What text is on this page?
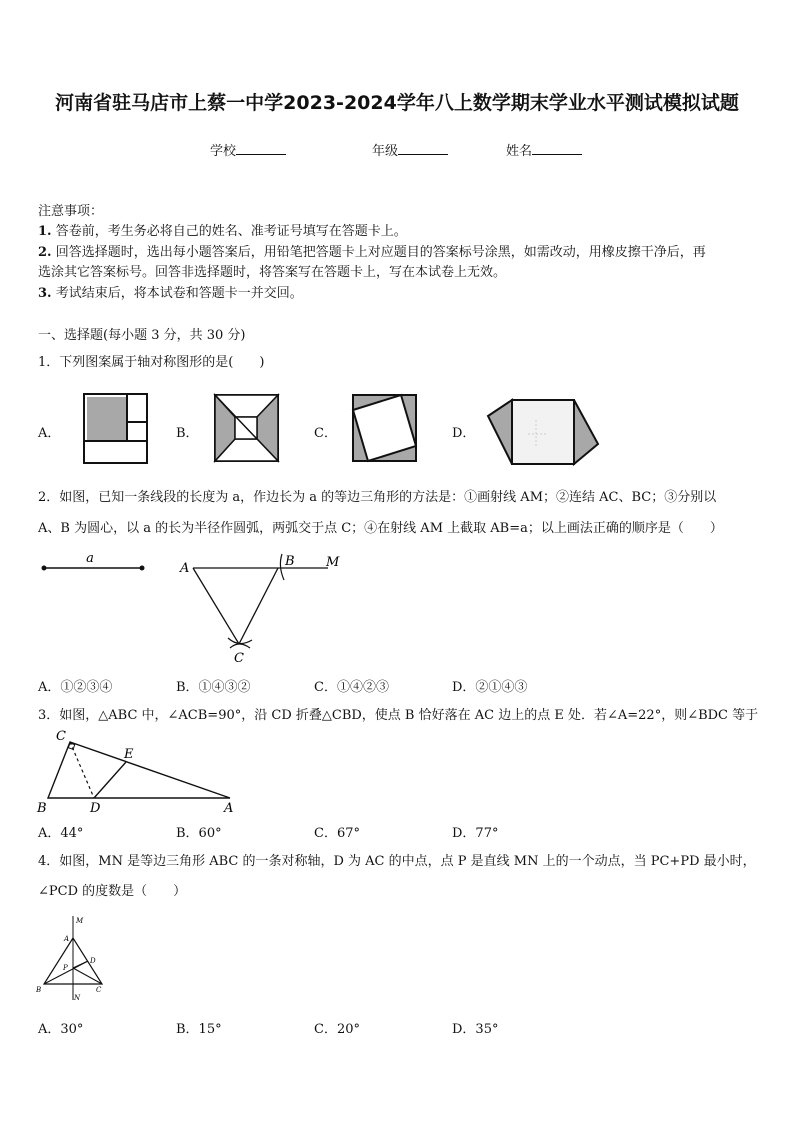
河南省驻马店市上蔡一中学2023-2024学年八上数学期末学业水平测试模拟试题
学校	年级	姓名
注意事项：
1. 答卷前，考生务必将自己的姓名、准考证号填写在答题卡上。
2. 回答选择题时，选出每小题答案后，用铅笔把答题卡上对应题目的答案标号涂黑，如需改动，用橡皮擦干净后，再
选涂其它答案标号。回答非选择题时，将答案写在答题卡上，写在本试卷上无效。
3. 考试结束后，将本试卷和答题卡一并交回。
一、选择题(每小题 3 分，共 30 分)
1．下列图案属于轴对称图形的是(　　)
A．	B．	C．	D．
2．如图，已知一条线段的长度为 a，作边长为 a 的等边三角形的方法是：①画射线 AM；②连结 AC、BC；③分别以
A、B 为圆心，以 a 的长为半径作圆弧，两弧交于点 C；④在射线 AM 上截取 AB=a；以上画法正确的顺序是（　　）
a
A	B M
C
A．①②③④	B．①④③②	C．①④②③	D．②①④③
3．如图，△ABC 中，∠ACB=90°，沿 CD 折叠△CBD，使点 B 恰好落在 AC 边上的点 E 处．若∠A=22°，则∠BDC 等于
C
E
B	D	A
A．44°	B．60°	C．67°	D．77°
4．如图，MN 是等边三角形 ABC 的一条对称轴，D 为 AC 的中点，点 P 是直线 MN 上的一个动点，当 PC+PD 最小时，
∠PCD 的度数是（　　）
M
A
D
P
B
N
C
A．30°	B．15°	C．20°	D．35°
